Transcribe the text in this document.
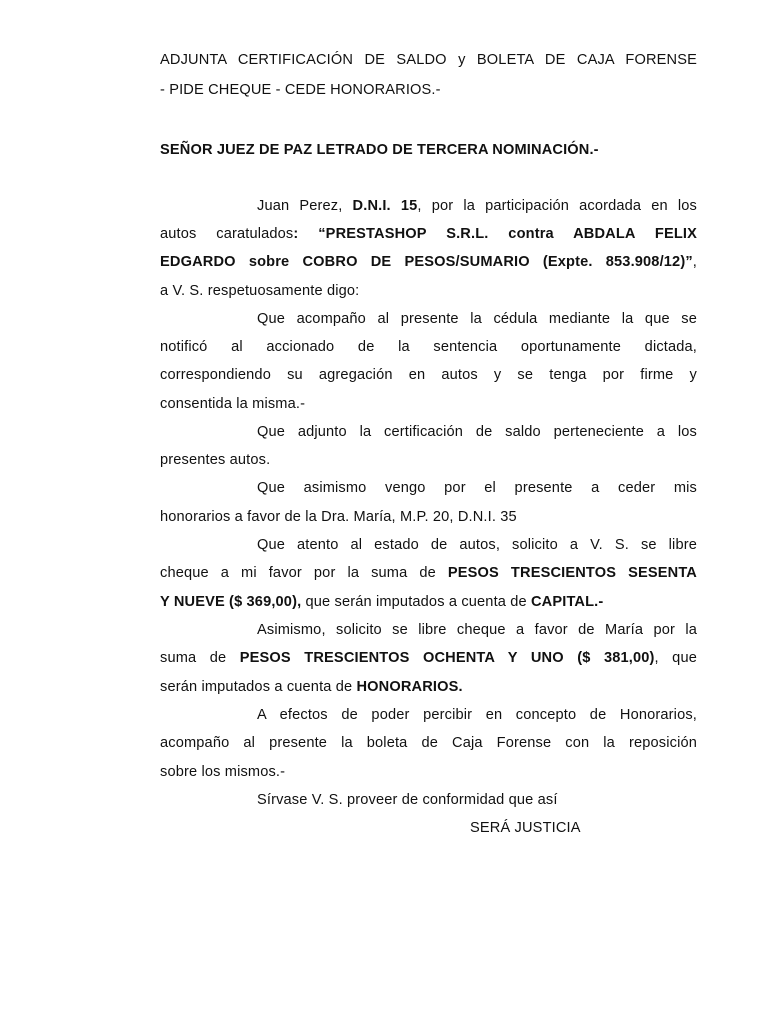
ADJUNTA CERTIFICACIÓN DE SALDO y BOLETA DE CAJA FORENSE
- PIDE CHEQUE - CEDE HONORARIOS.-
SEÑOR JUEZ DE PAZ LETRADO DE TERCERA NOMINACIÓN.-
Juan Perez, D.N.I. 15, por la participación acordada en los
autos caratulados: “PRESTASHOP S.R.L. contra ABDALA FELIX
EDGARDO sobre COBRO DE PESOS/SUMARIO (Expte. 853.908/12)”,
a V. S. respetuosamente digo:
Que acompaño al presente la cédula mediante la que se
notificó al accionado de la sentencia oportunamente dictada,
correspondiendo su agregación en autos y se tenga por firme y
consentida la misma.-
Que adjunto la certificación de saldo perteneciente a los
presentes autos.
Que asimismo vengo por el presente a ceder mis
honorarios a favor de la Dra. María, M.P. 20, D.N.I. 35
Que atento al estado de autos, solicito a V. S. se libre
cheque a mi favor por la suma de PESOS TRESCIENTOS SESENTA
Y NUEVE ($ 369,00), que serán imputados a cuenta de CAPITAL.-
Asimismo, solicito se libre cheque a favor de María por la
suma de PESOS TRESCIENTOS OCHENTA Y UNO ($ 381,00), que
serán imputados a cuenta de HONORARIOS.
A efectos de poder percibir en concepto de Honorarios,
acompaño al presente la boleta de Caja Forense con la reposición
sobre los mismos.-
Sírvase V. S. proveer de conformidad que así
SERÁ JUSTICIA
